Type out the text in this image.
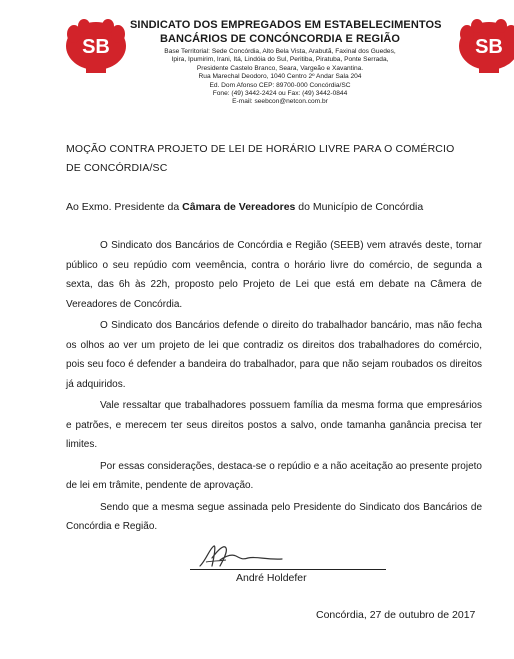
SB	SB
SINDICATO DOS EMPREGADOS EM ESTABELECIMENTOS
BANCÁRIOS DE CONCÓNCORDIA E REGIÃO
Base Territorial: Sede Concórdia, Alto Bela Vista, Arabutã, Faxinal dos Guedes,
Ipira, Ipumirim, Irani, Itá, Lindóia do Sul, Peritiba, Piratuba, Ponte Serrada,
Presidente Castelo Branco, Seara, Vargeão e Xavantina.
Rua Marechal Deodoro, 1040 Centro 2º Andar Sala 204
Ed. Dom Afonso CEP: 89700-000 Concórdia/SC
Fone: (49) 3442-2424 ou Fax: (49) 3442-0844
E-mail: seebcon@netcon.com.br
MOÇÃO CONTRA PROJETO DE LEI DE HORÁRIO LIVRE PARA O COMÉRCIO
DE CONCÓRDIA/SC
Ao Exmo. Presidente da Câmara de Vereadores do Município de Concórdia

O Sindicato dos Bancários de Concórdia e Região (SEEB) vem através deste, tornar público o seu repúdio com veemência, contra o horário livre do comércio, de segunda a sexta, das 6h às 22h, proposto pelo Projeto de Lei que está em debate na Câmera de Vereadores de Concórdia.

O Sindicato dos Bancários defende o direito do trabalhador bancário, mas não fecha os olhos ao ver um projeto de lei que contradiz os direitos dos trabalhadores do comércio, pois seu foco é defender a bandeira do trabalhador, para que não sejam roubados os direitos já adquiridos.

Vale ressaltar que trabalhadores possuem família da mesma forma que empresários e patrões, e merecem ter seus direitos postos a salvo, onde tamanha ganância precisa ter limites.

Por essas considerações, destaca-se o repúdio e a não aceitação ao presente projeto de lei em trâmite, pendente de aprovação.

Sendo que a mesma segue assinada pelo Presidente do Sindicato dos Bancários de Concórdia e Região.

André Holdefer
Concórdia, 27 de outubro de 2017
